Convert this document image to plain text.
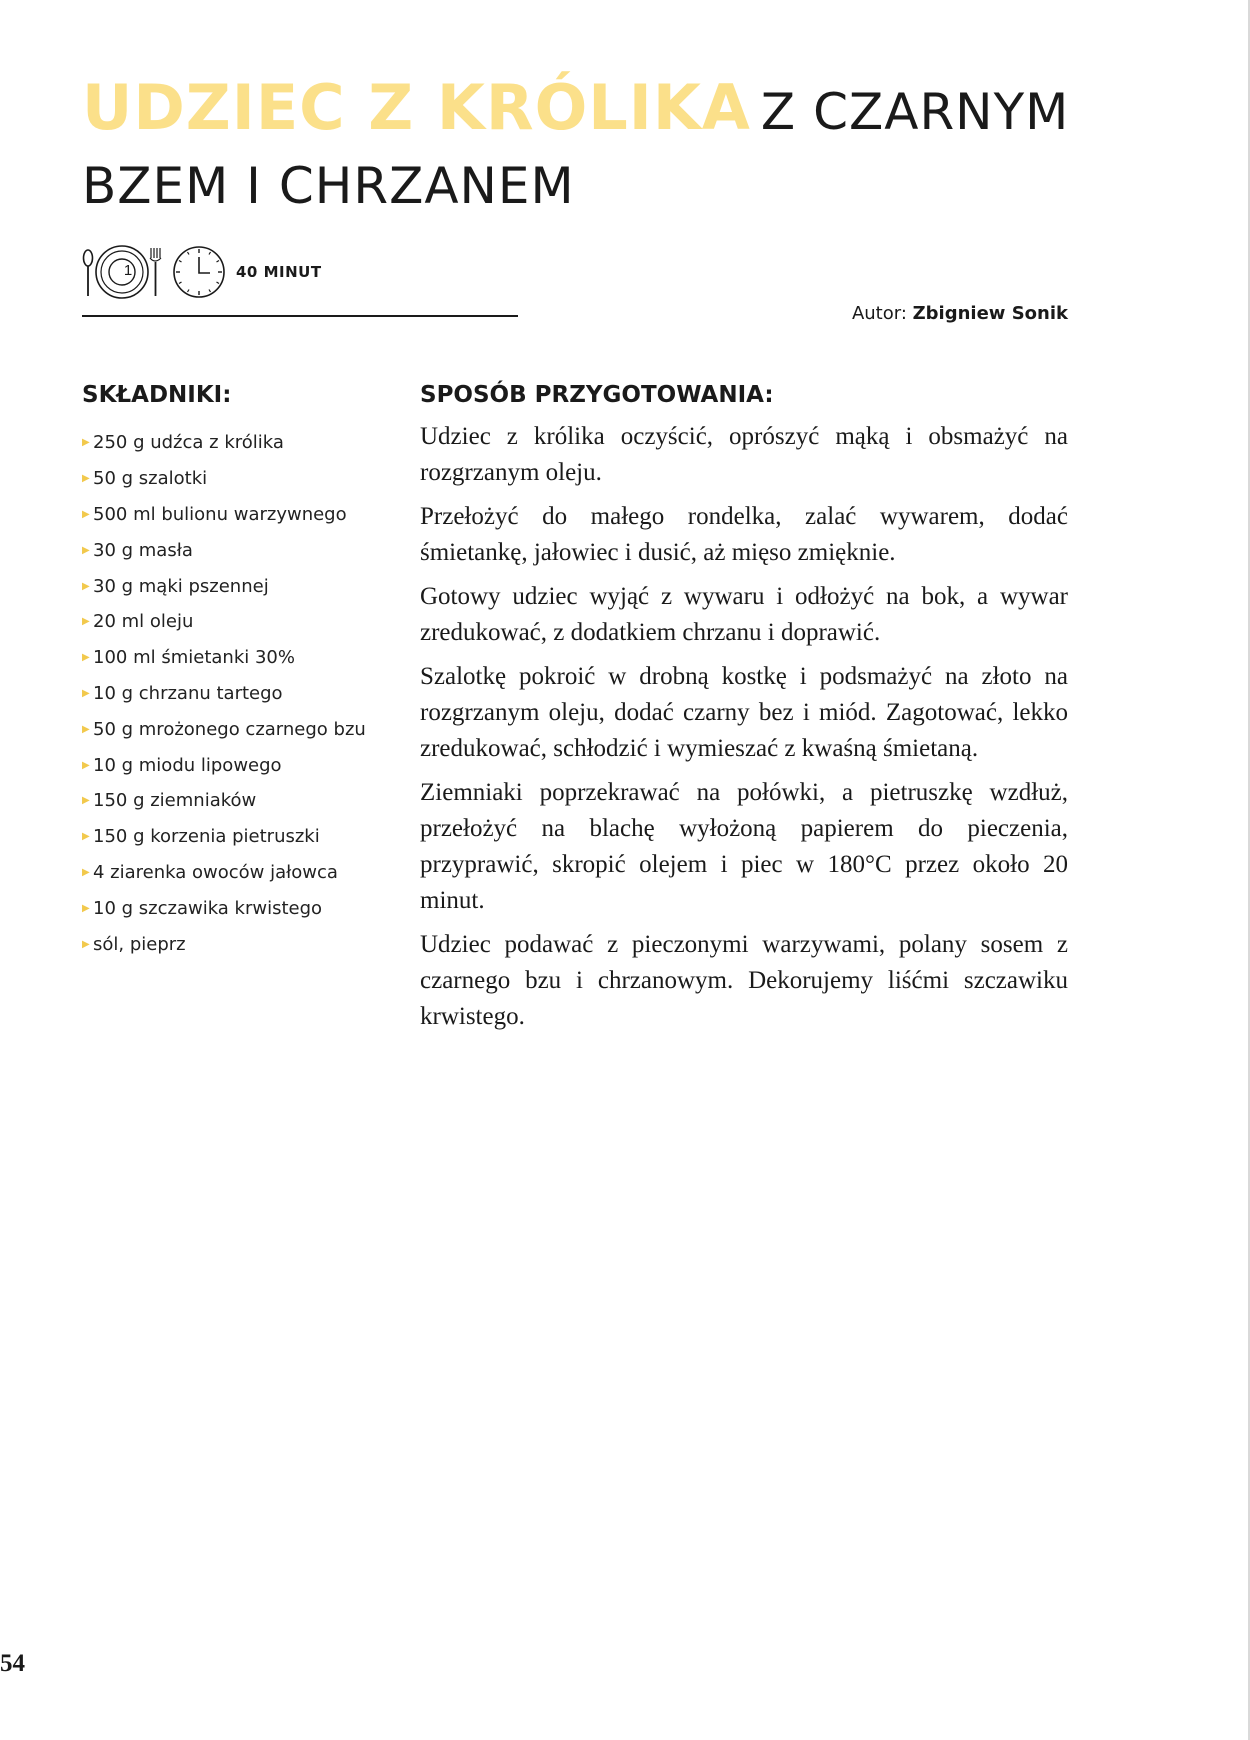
UDZIEC Z KRÓLIKA Z CZARNYM
BZEM I CHRZANEM
1	40 MINUT
Autor: Zbigniew Sonik
SKŁADNIKI:
▶ 250 g udźca z królika
▶ 50 g szalotki
▶ 500 ml bulionu warzywnego
▶ 30 g masła
▶ 30 g mąki pszennej
▶ 20 ml oleju
▶ 100 ml śmietanki 30%
▶ 10 g chrzanu tartego
▶ 50 g mrożonego czarnego bzu
▶ 10 g miodu lipowego
▶ 150 g ziemniaków
▶ 150 g korzenia pietruszki
▶ 4 ziarenka owoców jałowca
▶ 10 g szczawika krwistego
▶ sól, pieprz
SPOSÓB PRZYGOTOWANIA:

Udziec z królika oczyścić, oprószyć mąką i obsmażyć na rozgrzanym oleju.

Przełożyć do małego rondelka, zalać wywarem, dodać śmietankę, jałowiec i dusić, aż mięso zmięknie.

Gotowy udziec wyjąć z wywaru i odłożyć na bok, a wywar zredukować, z dodatkiem chrzanu i doprawić.

Szalotkę pokroić w drobną kostkę i podsmażyć na złoto na rozgrzanym oleju, dodać czarny bez i miód. Zagotować, lekko zredukować, schłodzić i wymieszać z kwaśną śmietaną.

Ziemniaki poprzekrawać na połówki, a pietruszkę wzdłuż, przełożyć na blachę wyłożoną papierem do pieczenia, przyprawić, skropić olejem i piec w 180°C przez około 20 minut.

Udziec podawać z pieczonymi warzywami, polany sosem z czarnego bzu i chrzanowym. Dekorujemy liśćmi szczawiku krwistego.

54
